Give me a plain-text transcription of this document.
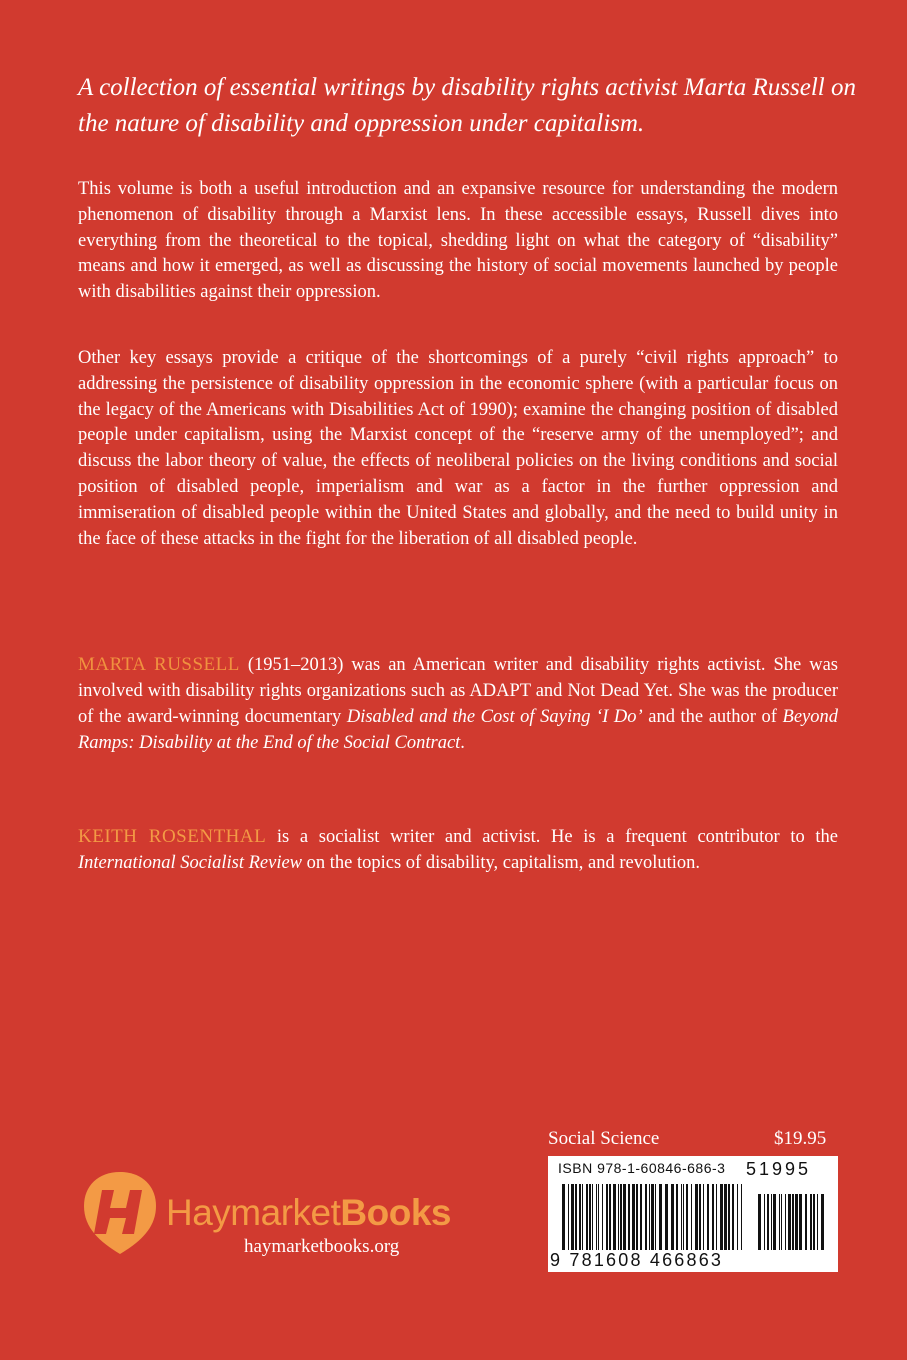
A collection of essential writings by disability rights activist Marta Russell on the nature of disability and oppression under capitalism.
This volume is both a useful introduction and an expansive resource for understanding the modern phenomenon of disability through a Marxist lens. In these accessible essays, Russell dives into everything from the theoretical to the topical, shedding light on what the category of “disability” means and how it emerged, as well as discussing the history of social movements launched by people with disabilities against their oppression.
Other key essays provide a critique of the shortcomings of a purely “civil rights approach” to addressing the persistence of disability oppression in the economic sphere (with a particular focus on the legacy of the Americans with Disabilities Act of 1990); examine the changing position of disabled people under capitalism, using the Marxist concept of the “reserve army of the unemployed”; and discuss the labor theory of value, the effects of neoliberal policies on the living conditions and social position of disabled people, imperialism and war as a factor in the further oppression and immiseration of disabled people within the United States and globally, and the need to build unity in the face of these attacks in the fight for the liberation of all disabled people.
MARTA RUSSELL (1951–2013) was an American writer and disability rights activist. She was involved with disability rights organizations such as ADAPT and Not Dead Yet. She was the producer of the award-winning documentary Disabled and the Cost of Saying ‘I Do’ and the author of Beyond Ramps: Disability at the End of the Social Contract.
KEITH ROSENTHAL is a socialist writer and activist. He is a frequent contributor to the International Socialist Review on the topics of disability, capitalism, and revolution.
Social Science	$19.95
ISBN 978-1-60846-686-3 51995
9 781608 466863
HaymarketBooks
haymarketbooks.org
